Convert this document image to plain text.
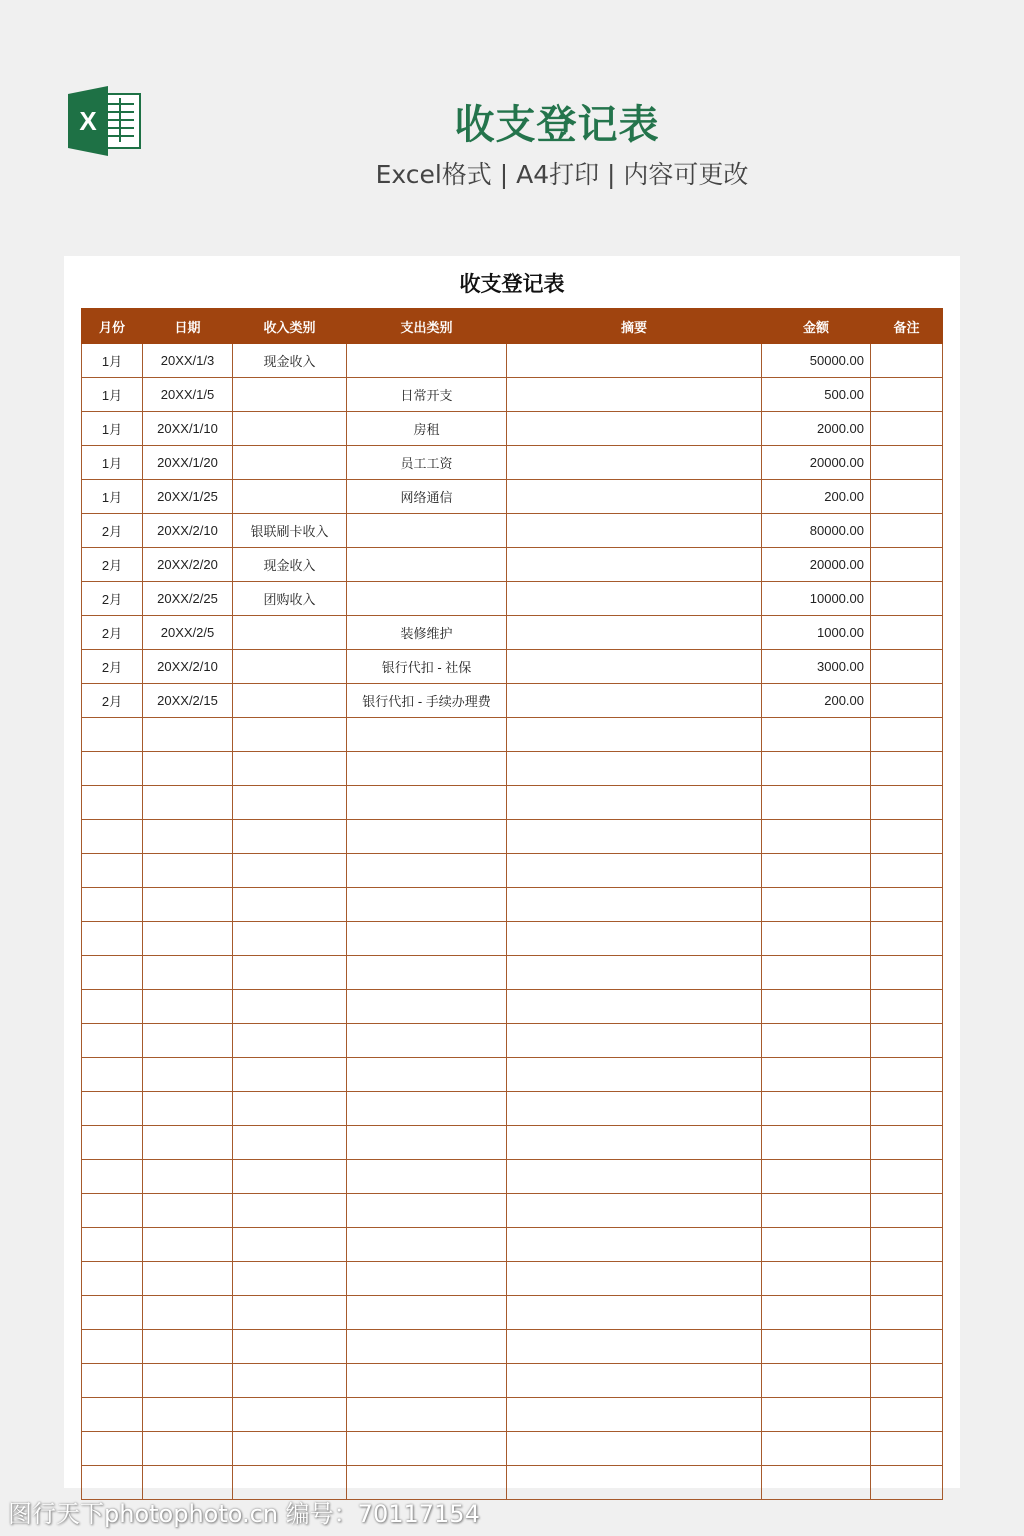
X	收支登记表
Excel格式 | A4打印 | 内容可更改
收支登记表
月份	日期	收入类别	支出类别	摘要	金额	备注
1月	20XX/1/3	现金收入			50000.00	
1月	20XX/1/5		日常开支		500.00	
1月	20XX/1/10		房租		2000.00	
1月	20XX/1/20		员工工资		20000.00	
1月	20XX/1/25		网络通信		200.00	
2月	20XX/2/10	银联刷卡收入			80000.00	
2月	20XX/2/20	现金收入			20000.00	
2月	20XX/2/25	团购收入			10000.00	
2月	20XX/2/5		装修维护		1000.00	
2月	20XX/2/10		银行代扣 - 社保		3000.00	
2月	20XX/2/15		银行代扣 - 手续办理费		200.00	

图行天下photophoto.cn 编号：70117154
